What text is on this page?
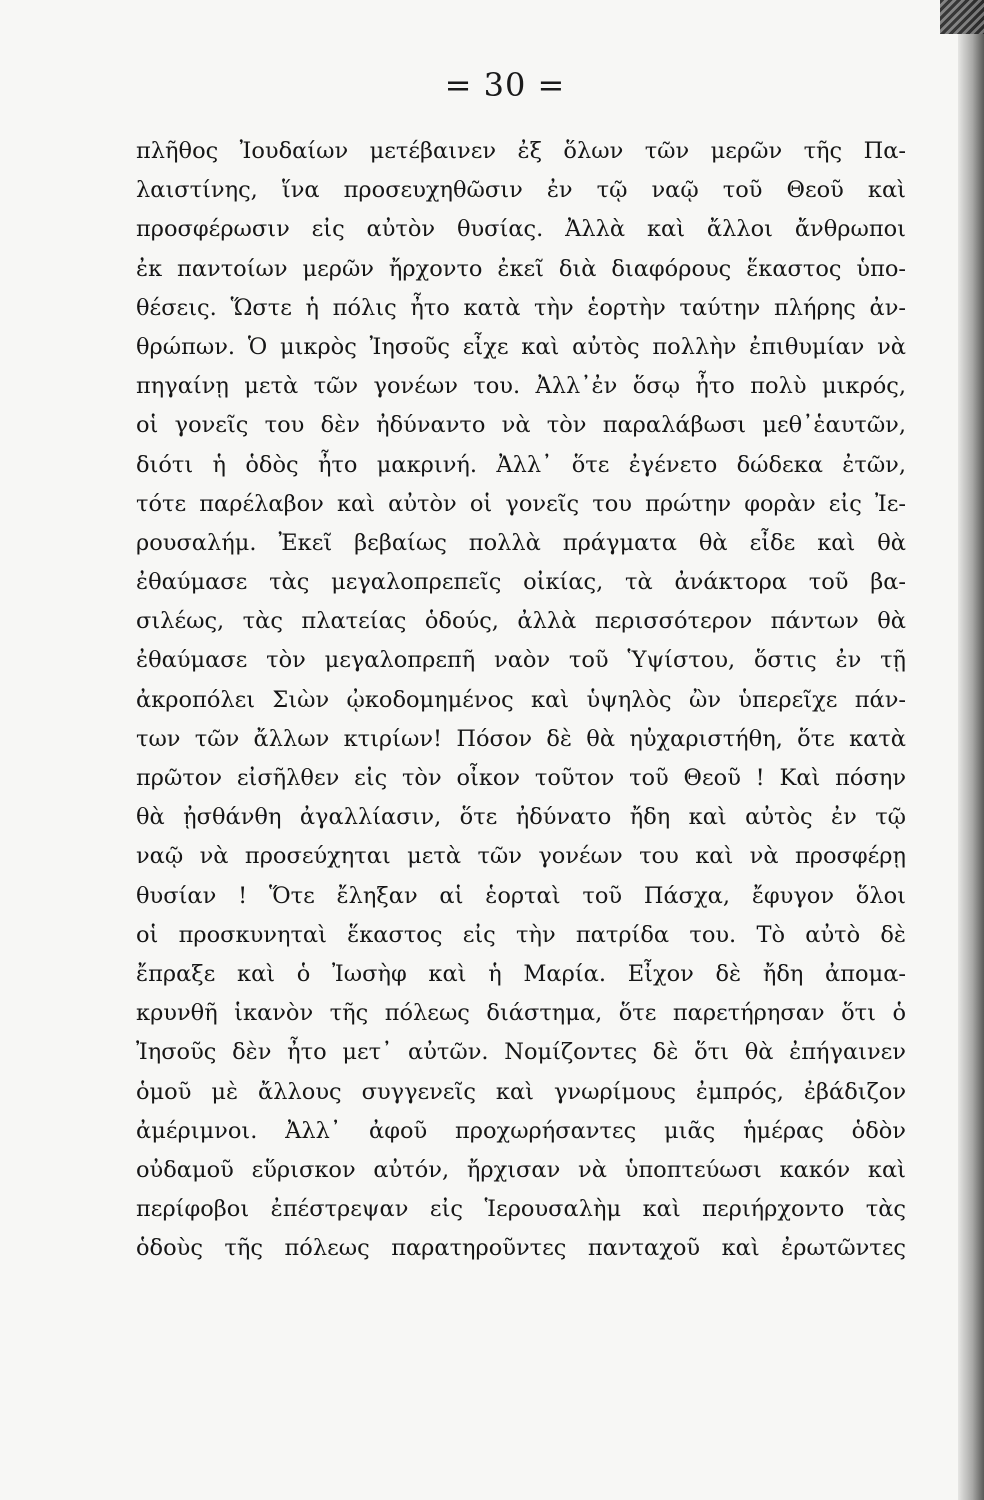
= 30 =
πλῆθος Ἰουδαίων μετέβαινεν ἐξ ὅλων τῶν μερῶν τῆς Πα-
λαιστίνης, ἵνα προσευχηθῶσιν ἐν τῷ ναῷ τοῦ Θεοῦ καὶ
προσφέρωσιν εἰς αὐτὸν θυσίας. Ἀλλὰ καὶ ἄλλοι ἄνθρωποι
ἐκ παντοίων μερῶν ἤρχοντο ἐκεῖ διὰ διαφόρους ἕκαστος ὑπο-
θέσεις. Ὥστε ἡ πόλις ἦτο κατὰ τὴν ἑορτὴν ταύτην πλήρης ἀν-
θρώπων. Ὁ μικρὸς Ἰησοῦς εἶχε καὶ αὐτὸς πολλὴν ἐπιθυμίαν νὰ
πηγαίνῃ μετὰ τῶν γονέων του. Ἀλλ᾽ἐν ὅσῳ ἦτο πολὺ μικρός,
οἱ γονεῖς του δὲν ἠδύναντο νὰ τὸν παραλάβωσι μεθ᾽ἑαυτῶν,
διότι ἡ ὁδὸς ἦτο μακρινή. Ἀλλ᾽ ὅτε ἐγένετο δώδεκα ἐτῶν,
τότε παρέλαβον καὶ αὐτὸν οἱ γονεῖς του πρώτην φορὰν εἰς Ἰε-
ρουσαλήμ. Ἐκεῖ βεβαίως πολλὰ πράγματα θὰ εἶδε καὶ θὰ
ἐθαύμασε τὰς μεγαλοπρεπεῖς οἰκίας, τὰ ἀνάκτορα τοῦ βα-
σιλέως, τὰς πλατείας ὁδούς, ἀλλὰ περισσότερον πάντων θὰ
ἐθαύμασε τὸν μεγαλοπρεπῆ ναὸν τοῦ Ὑψίστου, ὅστις ἐν τῇ
ἀκροπόλει Σιὼν ᾠκοδομημένος καὶ ὑψηλὸς ὢν ὑπερεῖχε πάν-
των τῶν ἄλλων κτιρίων! Πόσον δὲ θὰ ηὐχαριστήθη, ὅτε κατὰ
πρῶτον εἰσῆλθεν εἰς τὸν οἶκον τοῦτον τοῦ Θεοῦ ! Καὶ πόσην
θὰ ᾐσθάνθη ἀγαλλίασιν, ὅτε ἠδύνατο ἤδη καὶ αὐτὸς ἐν τῷ
ναῷ νὰ προσεύχηται μετὰ τῶν γονέων του καὶ νὰ προσφέρῃ
θυσίαν ! Ὅτε ἔληξαν αἱ ἑορταὶ τοῦ Πάσχα, ἔφυγον ὅλοι
οἱ προσκυνηταὶ ἕκαστος εἰς τὴν πατρίδα του. Τὸ αὐτὸ δὲ
ἔπραξε καὶ ὁ Ἰωσὴφ καὶ ἡ Μαρία. Εἶχον δὲ ἤδη ἀπομα-
κρυνθῆ ἱκανὸν τῆς πόλεως διάστημα, ὅτε παρετήρησαν ὅτι ὁ
Ἰησοῦς δὲν ἦτο μετ᾽ αὐτῶν. Νομίζοντες δὲ ὅτι θὰ ἐπήγαινεν
ὁμοῦ μὲ ἄλλους συγγενεῖς καὶ γνωρίμους ἐμπρός, ἐβάδιζον
ἀμέριμνοι. Ἀλλ᾽ ἀφοῦ προχωρήσαντες μιᾶς ἡμέρας ὁδὸν
οὐδαμοῦ εὕρισκον αὐτόν, ἤρχισαν νὰ ὑποπτεύωσι κακόν καὶ
περίφοβοι ἐπέστρεψαν εἰς Ἱερουσαλὴμ καὶ περιήρχοντο τὰς
ὁδοὺς τῆς πόλεως παρατηροῦντες πανταχοῦ καὶ ἐρωτῶντες
